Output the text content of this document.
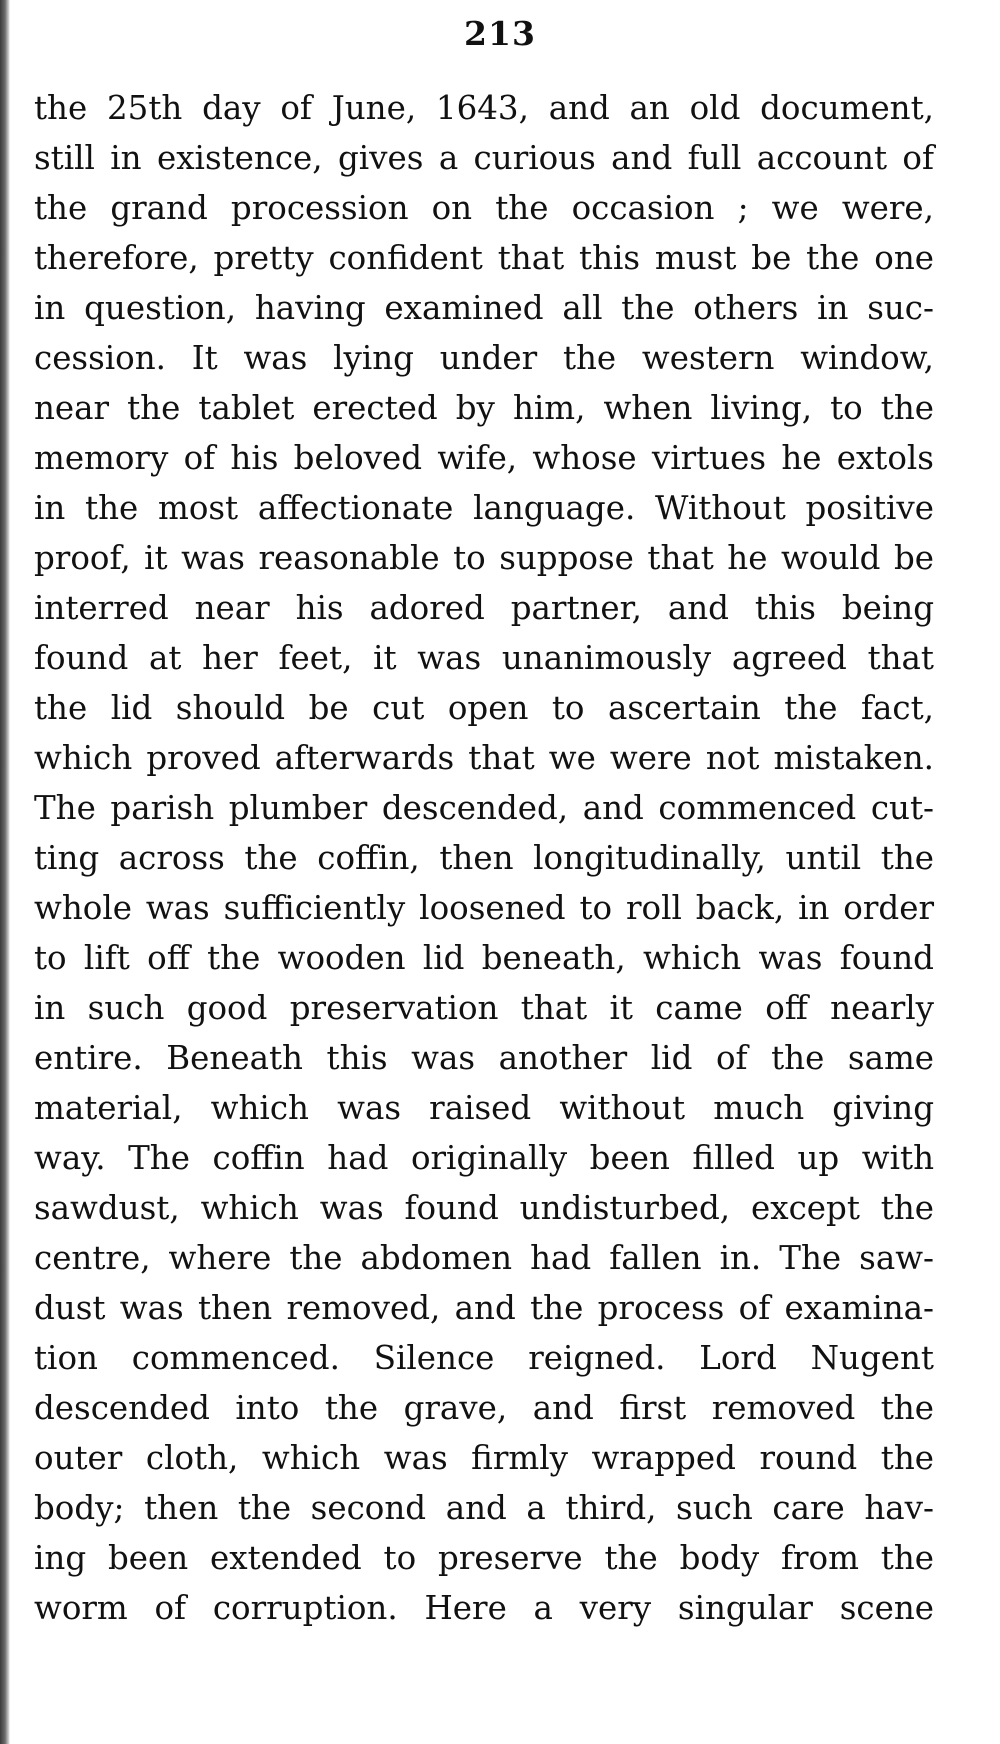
213
the 25th day of June, 1643, and an old document,
still in existence, gives a curious and full account of
the grand procession on the occasion ; we were,
therefore, pretty confident that this must be the one
in question, having examined all the others in suc-
cession. It was lying under the western window,
near the tablet erected by him, when living, to the
memory of his beloved wife, whose virtues he extols
in the most affectionate language. Without positive
proof, it was reasonable to suppose that he would be
interred near his adored partner, and this being
found at her feet, it was unanimously agreed that
the lid should be cut open to ascertain the fact,
which proved afterwards that we were not mistaken.
The parish plumber descended, and commenced cut-
ting across the coffin, then longitudinally, until the
whole was sufficiently loosened to roll back, in order
to lift off the wooden lid beneath, which was found
in such good preservation that it came off nearly
entire. Beneath this was another lid of the same
material, which was raised without much giving
way. The coffin had originally been filled up with
sawdust, which was found undisturbed, except the
centre, where the abdomen had fallen in. The saw-
dust was then removed, and the process of examina-
tion commenced. Silence reigned. Lord Nugent
descended into the grave, and first removed the
outer cloth, which was firmly wrapped round the
body; then the second and a third, such care hav-
ing been extended to preserve the body from the
worm of corruption. Here a very singular scene
